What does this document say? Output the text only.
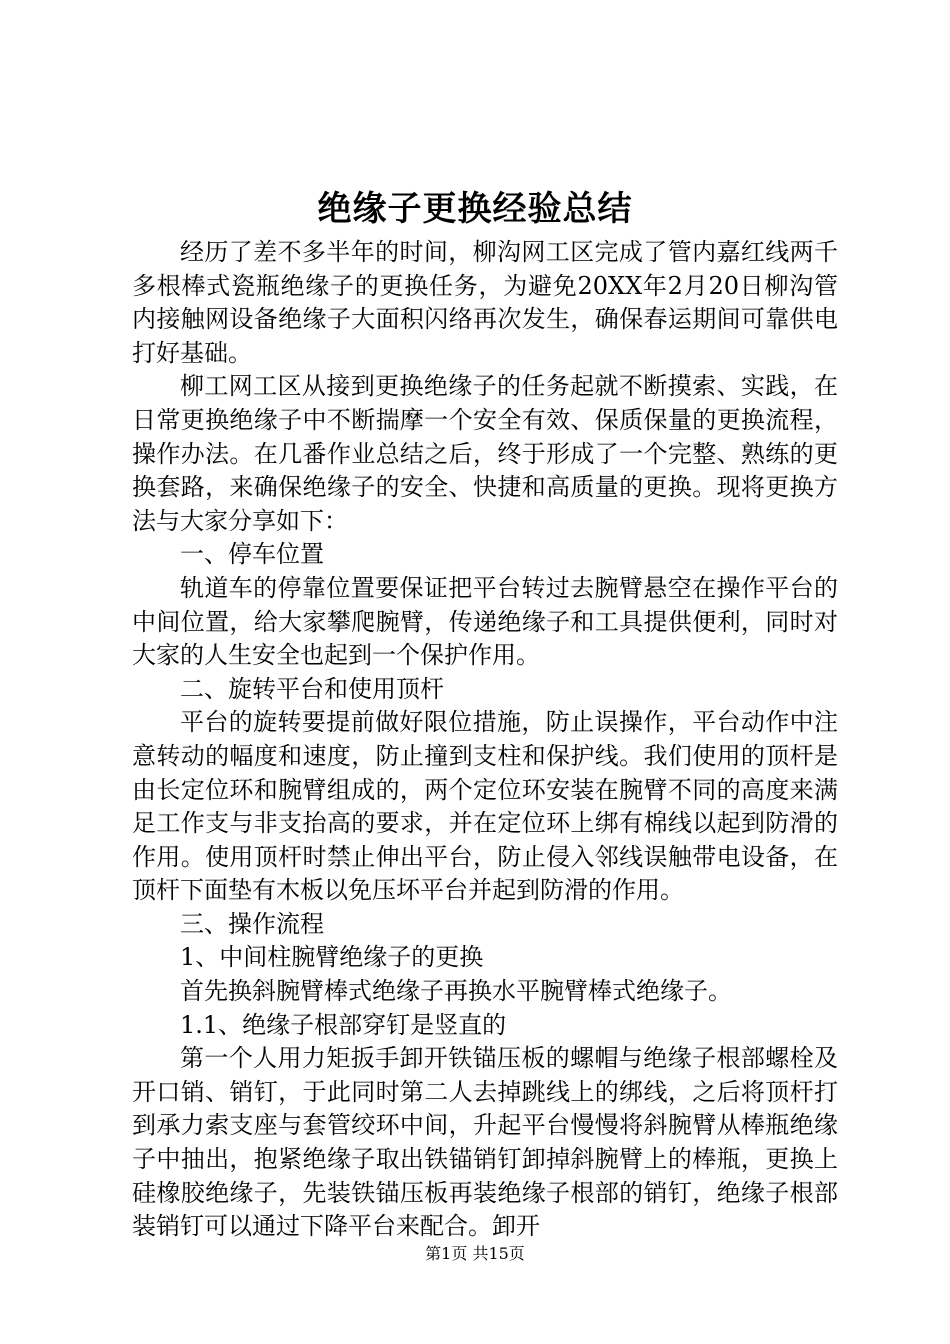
绝缘子更换经验总结

经历了差不多半年的时间，柳沟网工区完成了管内嘉红线两千多根棒式瓷瓶绝缘子的更换任务，为避免20XX年2月20日柳沟管内接触网设备绝缘子大面积闪络再次发生，确保春运期间可靠供电打好基础。

柳工网工区从接到更换绝缘子的任务起就不断摸索、实践，在日常更换绝缘子中不断揣摩一个安全有效、保质保量的更换流程，操作办法。在几番作业总结之后，终于形成了一个完整、熟练的更换套路，来确保绝缘子的安全、快捷和高质量的更换。现将更换方法与大家分享如下：

一、停车位置

轨道车的停靠位置要保证把平台转过去腕臂悬空在操作平台的中间位置，给大家攀爬腕臂，传递绝缘子和工具提供便利，同时对大家的人生安全也起到一个保护作用。

二、旋转平台和使用顶杆

平台的旋转要提前做好限位措施，防止误操作，平台动作中注意转动的幅度和速度，防止撞到支柱和保护线。我们使用的顶杆是由长定位环和腕臂组成的，两个定位环安装在腕臂不同的高度来满足工作支与非支抬高的要求，并在定位环上绑有棉线以起到防滑的作用。使用顶杆时禁止伸出平台，防止侵入邻线误触带电设备，在顶杆下面垫有木板以免压坏平台并起到防滑的作用。

三、操作流程

1、中间柱腕臂绝缘子的更换

首先换斜腕臂棒式绝缘子再换水平腕臂棒式绝缘子。

1.1、绝缘子根部穿钉是竖直的

第一个人用力矩扳手卸开铁锚压板的螺帽与绝缘子根部螺栓及开口销、销钉，于此同时第二人去掉跳线上的绑线，之后将顶杆打到承力索支座与套管绞环中间，升起平台慢慢将斜腕臂从棒瓶绝缘子中抽出，抱紧绝缘子取出铁锚销钉卸掉斜腕臂上的棒瓶，更换上硅橡胶绝缘子，先装铁锚压板再装绝缘子根部的销钉，绝缘子根部装销钉可以通过下降平台来配合。卸开

第1页 共15页
